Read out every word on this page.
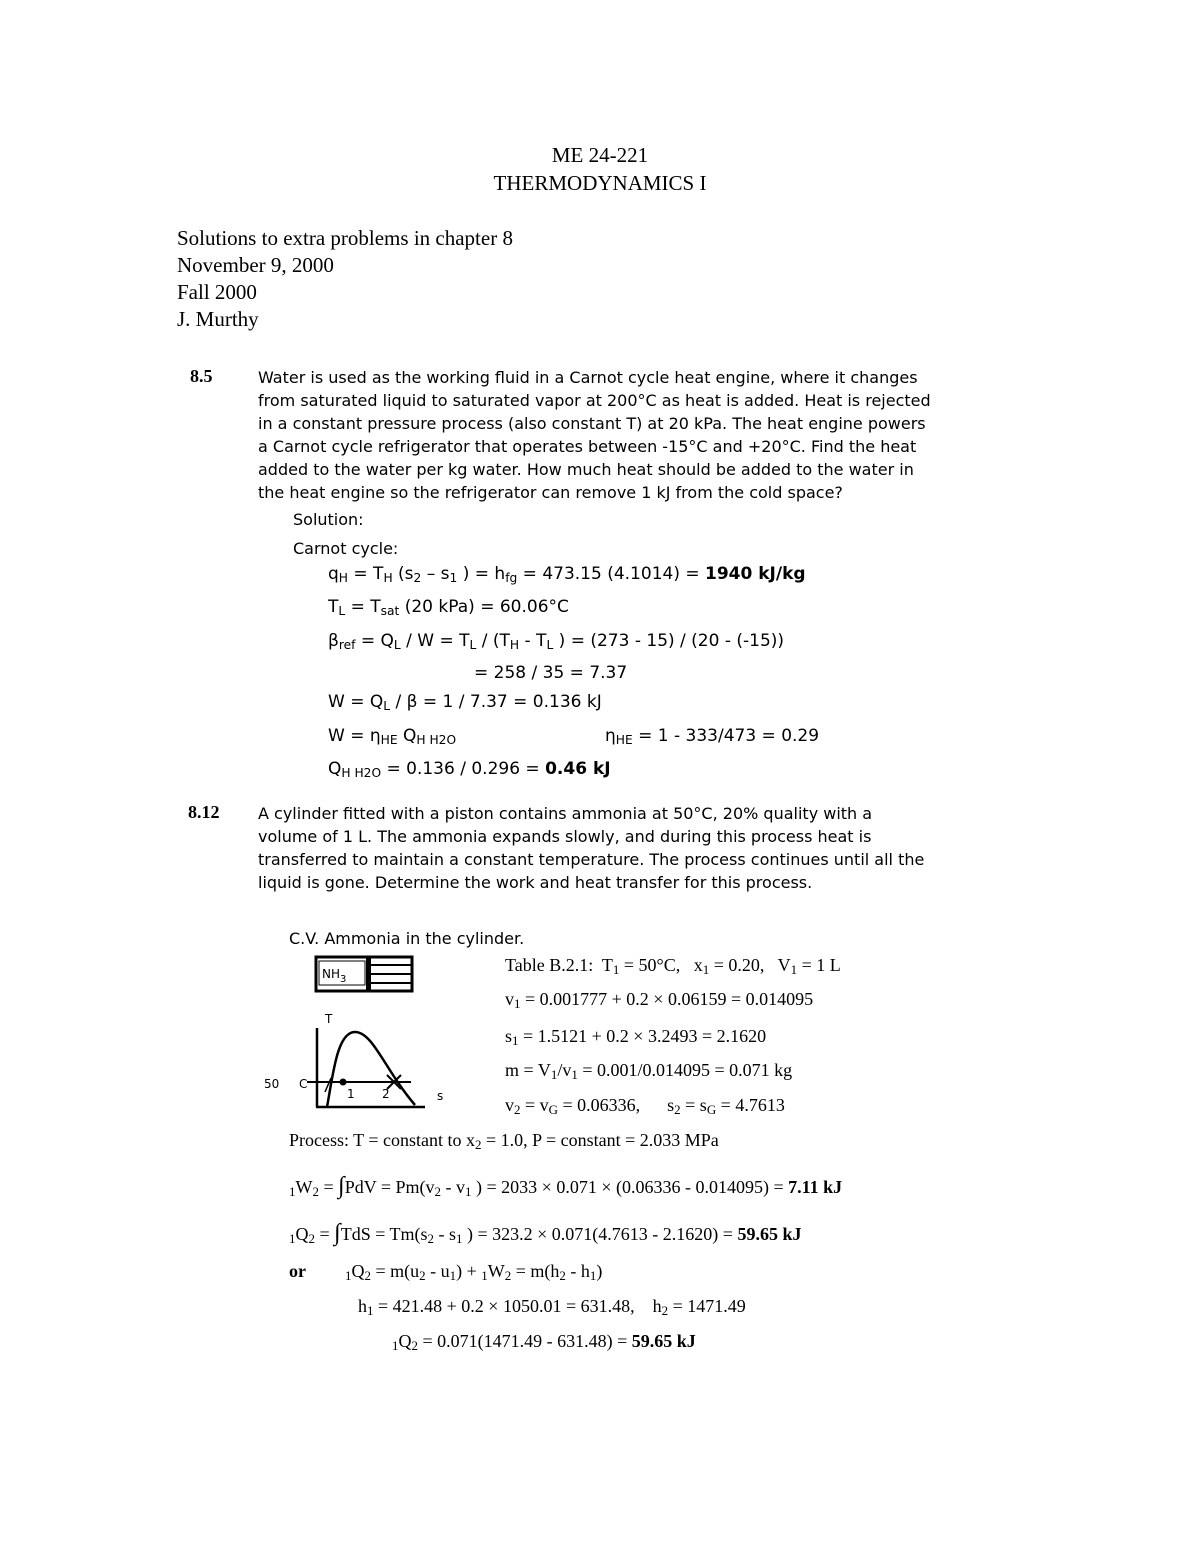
ME 24-221
THERMODYNAMICS I
Solutions to extra problems in chapter 8
November 9, 2000
Fall 2000
J. Murthy
8.5	Water is used as the working fluid in a Carnot cycle heat engine, where it changes
from saturated liquid to saturated vapor at 200°C as heat is added. Heat is rejected
in a constant pressure process (also constant T) at 20 kPa. The heat engine powers
a Carnot cycle refrigerator that operates between -15°C and +20°C. Find the heat
added to the water per kg water. How much heat should be added to the water in
the heat engine so the refrigerator can remove 1 kJ from the cold space?
Solution:
Carnot cycle:
$q_H = T_H$ ($s_2 - s_1$ ) = $h_{fg} = 473.15$ (4.1014) = 1940 kJ/kg
$T_L = T_{sat}$ (20 kPa) = 60.06°C
$\beta_{ref} = Q_L / W = T_L / (T_H - T_L$ ) = (273 - 15) / (20 - (-15))
= 258 / 35 = 7.37
$W = Q_L / \beta = 1 / 7.37 = 0.136$ kJ
$W = \eta_{HE}$ $Q_{H H2O}$	$\eta_{HE} = 1 - 333/473 = 0.29$
$Q_{H H2O} = 0.136 / 0.296 = 0.46$ kJ
8.12 A cylinder fitted with a piston contains ammonia at 50°C, 20% quality with a
volume of 1 L. The ammonia expands slowly, and during this process heat is
transferred to maintain a constant temperature. The process continues until all the
liquid is gone. Determine the work and heat transfer for this process.
C.V. Ammonia in the cylinder.
$NH_3$
T
s
50 C
1 2
Table B.2.1:  $T_1 = 50^\circ C$,   $x_1 = 0.20$,   $V_1 = 1$ L
$v_1 = 0.001777 + 0.2 \times 0.06159 = 0.014095$
$s_1 = 1.5121 + 0.2 \times 3.2493 = 2.1620$
$m = V_1/v_1 = 0.001/0.014095 = 0.071$ kg
$v_2 = v_G = 0.06336$,      $s_2 = s_G = 4.7613$
Process: T = constant to $x_2 = 1.0$, P = constant = 2.033 MPa
$_1W_2 = \int PdV = Pm(v_2 - v_1$ ) = 2033 × 0.071 × (0.06336 - 0.014095) = 7.11 kJ
$_1Q_2 = \int TdS = Tm(s_2 - s_1$ ) = 323.2 × 0.071(4.7613 - 2.1620) = 59.65 kJ
or	$_1Q_2 = m(u_2 - u_1) + _1W_2 = m(h_2 - h_1)$
$h_1 = 421.48 + 0.2 \times 1050.01 = 631.48$,    $h_2 = 1471.49$
$_1Q_2 = 0.071(1471.49 - 631.48) = 59.65$ kJ
